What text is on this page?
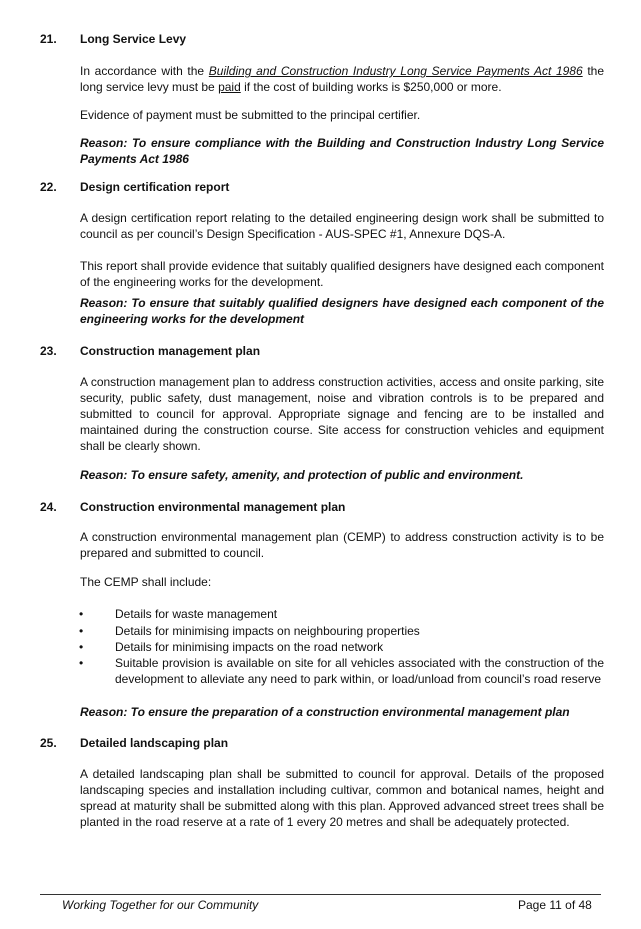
21. Long Service Levy
In accordance with the Building and Construction Industry Long Service Payments Act 1986 the long service levy must be paid if the cost of building works is $250,000 or more.
Evidence of payment must be submitted to the principal certifier.
Reason: To ensure compliance with the Building and Construction Industry Long Service Payments Act 1986
22. Design certification report
A design certification report relating to the detailed engineering design work shall be submitted to council as per council’s Design Specification - AUS-SPEC #1, Annexure DQS-A.
This report shall provide evidence that suitably qualified designers have designed each component of the engineering works for the development.
Reason: To ensure that suitably qualified designers have designed each component of the engineering works for the development
23. Construction management plan
A construction management plan to address construction activities, access and onsite parking, site security, public safety, dust management, noise and vibration controls is to be prepared and submitted to council for approval. Appropriate signage and fencing are to be installed and maintained during the construction course. Site access for construction vehicles and equipment shall be clearly shown.
Reason: To ensure safety, amenity, and protection of public and environment.
24. Construction environmental management plan
A construction environmental management plan (CEMP) to address construction activity is to be prepared and submitted to council.
The CEMP shall include:
•	Details for waste management
•	Details for minimising impacts on neighbouring properties
•	Details for minimising impacts on the road network
•	Suitable provision is available on site for all vehicles associated with the construction of the development to alleviate any need to park within, or load/unload from council’s road reserve
Reason: To ensure the preparation of a construction environmental management plan
25. Detailed landscaping plan
A detailed landscaping plan shall be submitted to council for approval. Details of the proposed landscaping species and installation including cultivar, common and botanical names, height and spread at maturity shall be submitted along with this plan. Approved advanced street trees shall be planted in the road reserve at a rate of 1 every 20 metres and shall be adequately protected.
Working Together for our Community	Page 11 of 48
